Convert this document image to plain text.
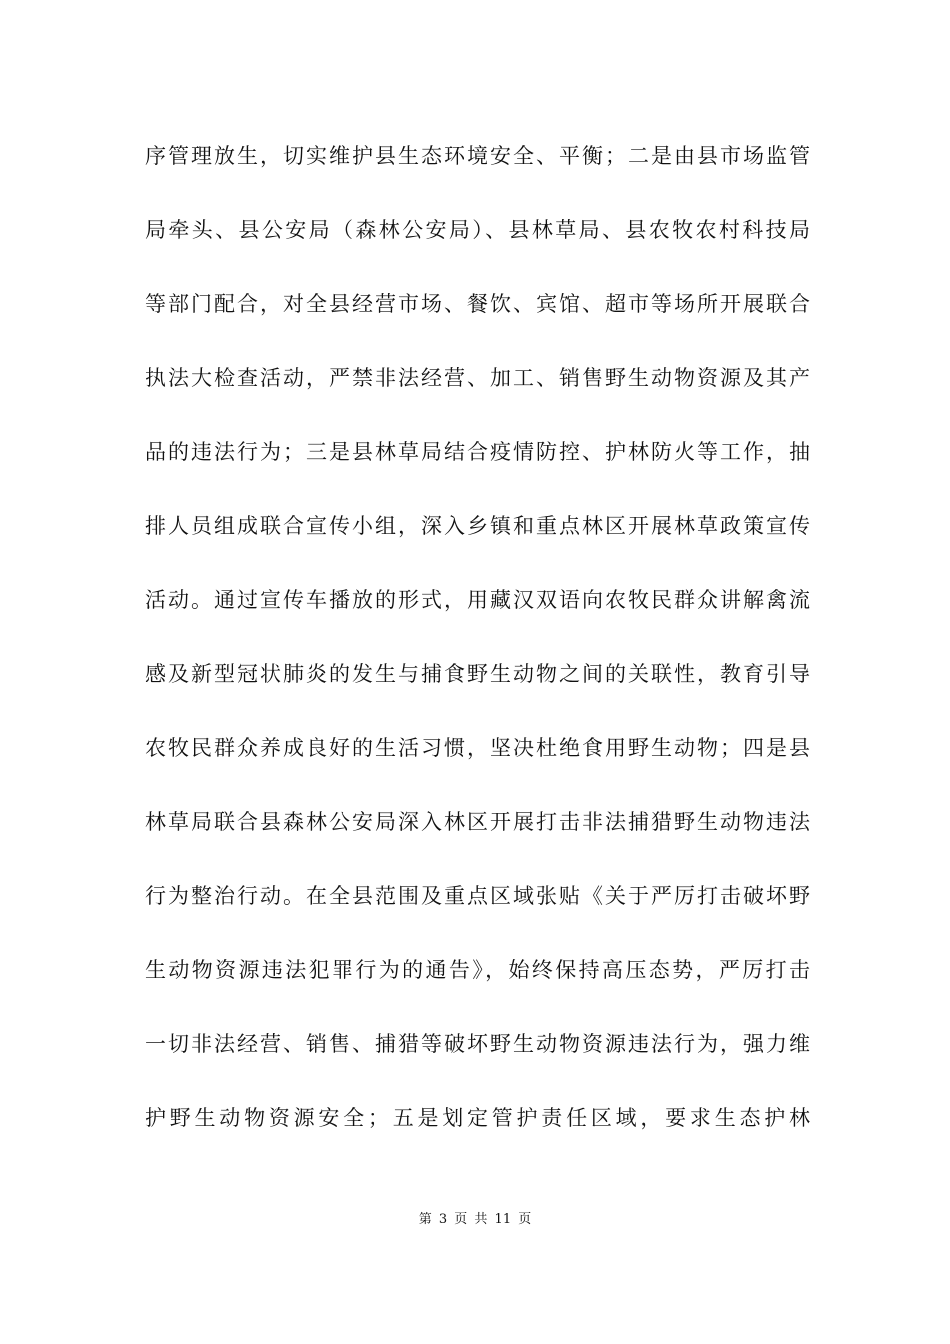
序管理放生，切实维护县生态环境安全、平衡；二是由县市场监管
局牵头、县公安局（森林公安局）、县林草局、县农牧农村科技局
等部门配合，对全县经营市场、餐饮、宾馆、超市等场所开展联合
执法大检查活动，严禁非法经营、加工、销售野生动物资源及其产
品的违法行为；三是县林草局结合疫情防控、护林防火等工作，抽
排人员组成联合宣传小组，深入乡镇和重点林区开展林草政策宣传
活动。通过宣传车播放的形式，用藏汉双语向农牧民群众讲解禽流
感及新型冠状肺炎的发生与捕食野生动物之间的关联性，教育引导
农牧民群众养成良好的生活习惯，坚决杜绝食用野生动物；四是县
林草局联合县森林公安局深入林区开展打击非法捕猎野生动物违法
行为整治行动。在全县范围及重点区域张贴《关于严厉打击破坏野
生动物资源违法犯罪行为的通告》，始终保持高压态势，严厉打击
一切非法经营、销售、捕猎等破坏野生动物资源违法行为，强力维
护野生动物资源安全；五是划定管护责任区域，要求生态护林
第 3 页 共 11 页
